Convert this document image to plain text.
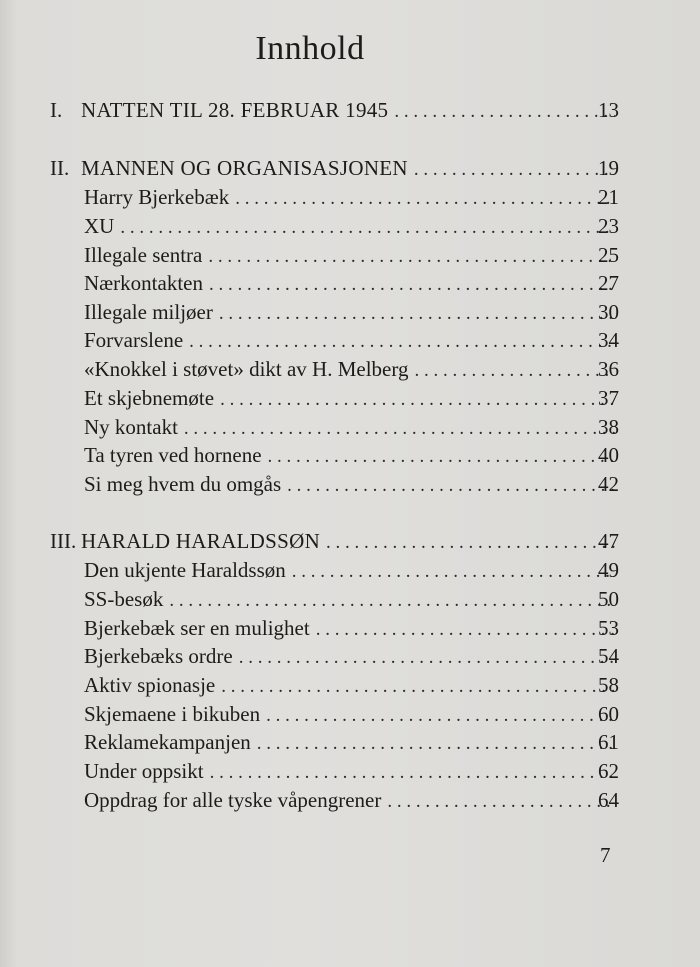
Innhold
I. NATTEN TIL 28. FEBRUAR 1945 . . .	13
II. MANNEN OG ORGANISASJONEN . . .	19
Harry Bjerkebæk . . .	21
XU . . .	23
Illegale sentra . . .	25
Nærkontakten . . .	27
Illegale miljøer . . .	30
Forvarslene . . .	34
«Knokkel i støvet» dikt av H. Melberg . . .	36
Et skjebnemøte . . .	37
Ny kontakt . . .	38
Ta tyren ved hornene . . .	40
Si meg hvem du omgås . . .	42
III. HARALD HARALDSSØN . . .	47
Den ukjente Haraldssøn . . .	49
SS-besøk . . .	50
Bjerkebæk ser en mulighet . . .	53
Bjerkebæks ordre . . .	54
Aktiv spionasje . . .	58
Skjemaene i bikuben . . .	60
Reklamekampanjen . . .	61
Under oppsikt . . .	62
Oppdrag for alle tyske våpengrener . . .	64
7
